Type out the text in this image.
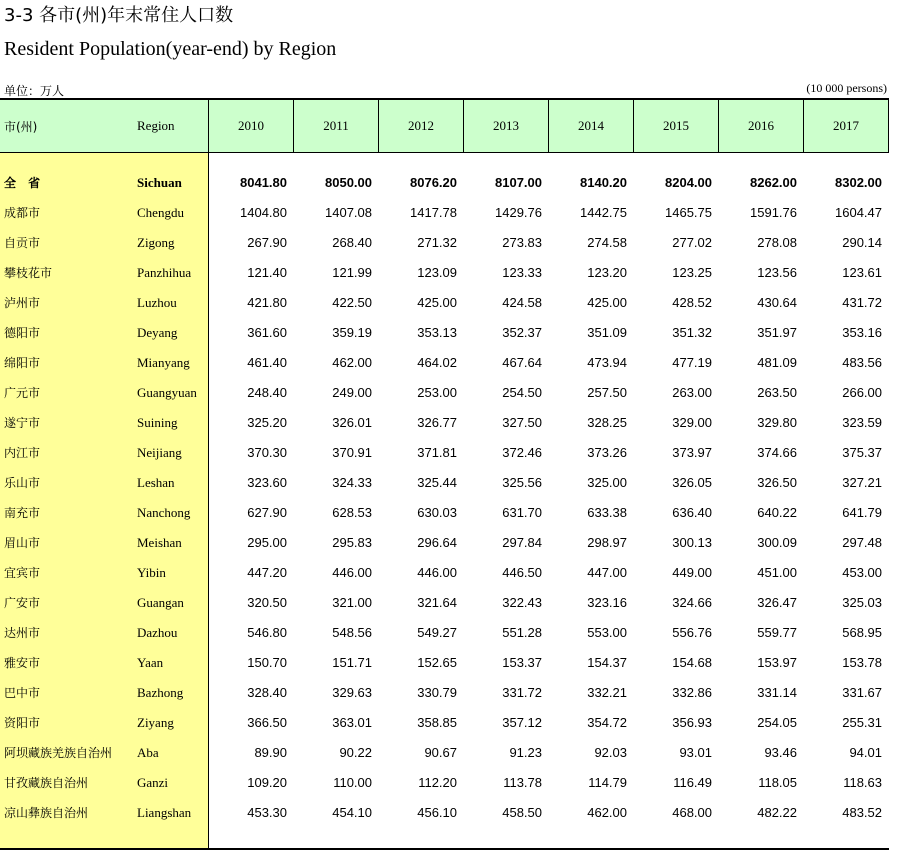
3-3 各市(州)年末常住人口数
Resident Population(year-end) by Region
单位：万人	(10 000 persons)
市(州)	Region	2010	2011	2012	2013	2014	2015	2016	2017
全 省	Sichuan	8041.80	8050.00	8076.20	8107.00	8140.20	8204.00	8262.00	8302.00
成都市	Chengdu	1404.80	1407.08	1417.78	1429.76	1442.75	1465.75	1591.76	1604.47
自贡市	Zigong	267.90	268.40	271.32	273.83	274.58	277.02	278.08	290.14
攀枝花市	Panzhihua	121.40	121.99	123.09	123.33	123.20	123.25	123.56	123.61
泸州市	Luzhou	421.80	422.50	425.00	424.58	425.00	428.52	430.64	431.72
德阳市	Deyang	361.60	359.19	353.13	352.37	351.09	351.32	351.97	353.16
绵阳市	Mianyang	461.40	462.00	464.02	467.64	473.94	477.19	481.09	483.56
广元市	Guangyuan	248.40	249.00	253.00	254.50	257.50	263.00	263.50	266.00
遂宁市	Suining	325.20	326.01	326.77	327.50	328.25	329.00	329.80	323.59
内江市	Neijiang	370.30	370.91	371.81	372.46	373.26	373.97	374.66	375.37
乐山市	Leshan	323.60	324.33	325.44	325.56	325.00	326.05	326.50	327.21
南充市	Nanchong	627.90	628.53	630.03	631.70	633.38	636.40	640.22	641.79
眉山市	Meishan	295.00	295.83	296.64	297.84	298.97	300.13	300.09	297.48
宜宾市	Yibin	447.20	446.00	446.00	446.50	447.00	449.00	451.00	453.00
广安市	Guangan	320.50	321.00	321.64	322.43	323.16	324.66	326.47	325.03
达州市	Dazhou	546.80	548.56	549.27	551.28	553.00	556.76	559.77	568.95
雅安市	Yaan	150.70	151.71	152.65	153.37	154.37	154.68	153.97	153.78
巴中市	Bazhong	328.40	329.63	330.79	331.72	332.21	332.86	331.14	331.67
资阳市	Ziyang	366.50	363.01	358.85	357.12	354.72	356.93	254.05	255.31
阿坝藏族羌族自治州 Aba	89.90	90.22	90.67	91.23	92.03	93.01	93.46	94.01
甘孜藏族自治州	Ganzi	109.20	110.00	112.20	113.78	114.79	116.49	118.05	118.63
凉山彝族自治州	Liangshan	453.30	454.10	456.10	458.50	462.00	468.00	482.22	483.52
